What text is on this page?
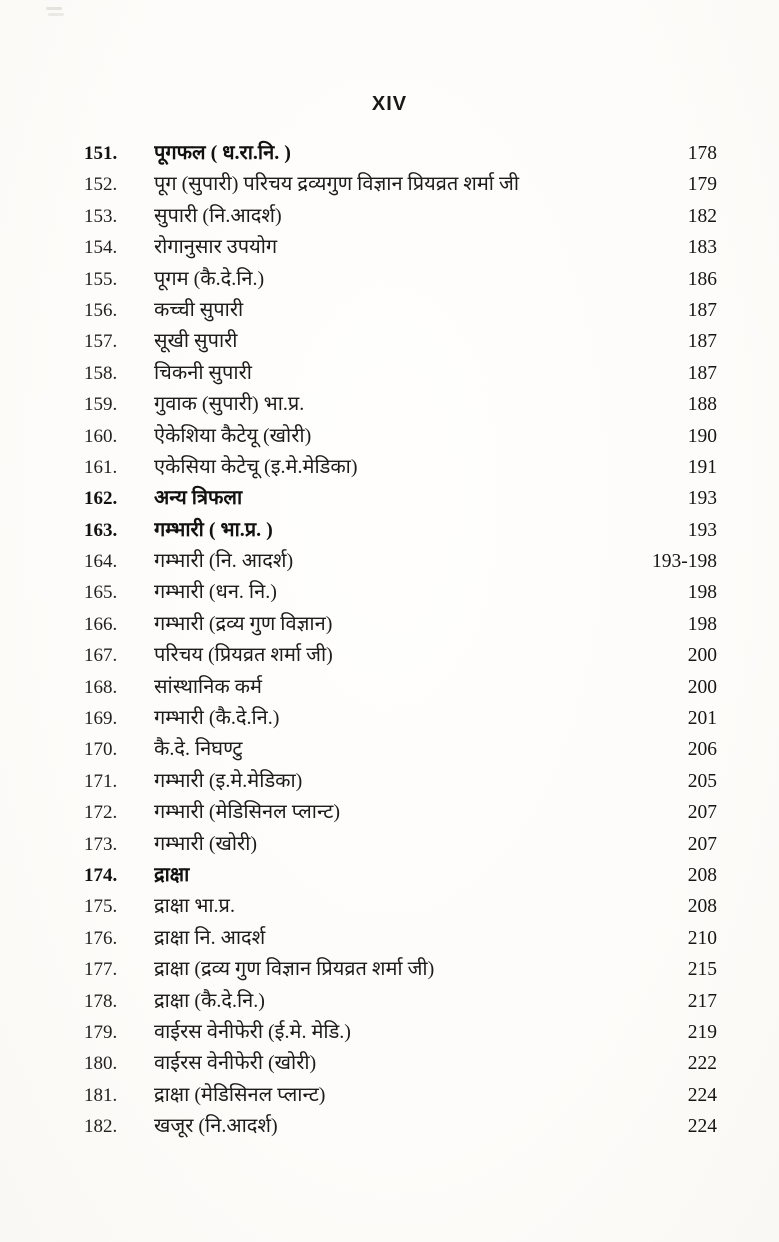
XIV
151.	पूगफल ( ध.रा.नि. )	178
152.	पूग (सुपारी) परिचय द्रव्यगुण विज्ञान प्रियव्रत शर्मा जी	179
153.	सुपारी (नि.आदर्श)	182
154.	रोगानुसार उपयोग	183
155.	पूगम (कै.दे.नि.)	186
156.	कच्ची सुपारी	187
157.	सूखी सुपारी	187
158.	चिकनी सुपारी	187
159.	गुवाक (सुपारी) भा.प्र.	188
160.	ऐकेशिया कैटेयू (खोरी)	190
161.	एकेसिया केटेचू (इ.मे.मेडिका)	191
162.	अन्य त्रिफला	193
163.	गम्भारी ( भा.प्र. )	193
164.	गम्भारी (नि. आदर्श)	193-198
165.	गम्भारी (धन. नि.)	198
166.	गम्भारी (द्रव्य गुण विज्ञान)	198
167.	परिचय (प्रियव्रत शर्मा जी)	200
168.	सांस्थानिक कर्म	200
169.	गम्भारी (कै.दे.नि.)	201
170.	कै.दे. निघण्टु	206
171.	गम्भारी (इ.मे.मेडिका)	205
172.	गम्भारी (मेडिसिनल प्लान्ट)	207
173.	गम्भारी (खोरी)	207
174.	द्राक्षा	208
175.	द्राक्षा भा.प्र.	208
176.	द्राक्षा नि. आदर्श	210
177.	द्राक्षा (द्रव्य गुण विज्ञान प्रियव्रत शर्मा जी)	215
178.	द्राक्षा (कै.दे.नि.)	217
179.	वाईरस वेनीफेरी (ई.मे. मेडि.)	219
180.	वाईरस वेनीफेरी (खोरी)	222
181.	द्राक्षा (मेडिसिनल प्लान्ट)	224
182.	खजूर (नि.आदर्श)	224
